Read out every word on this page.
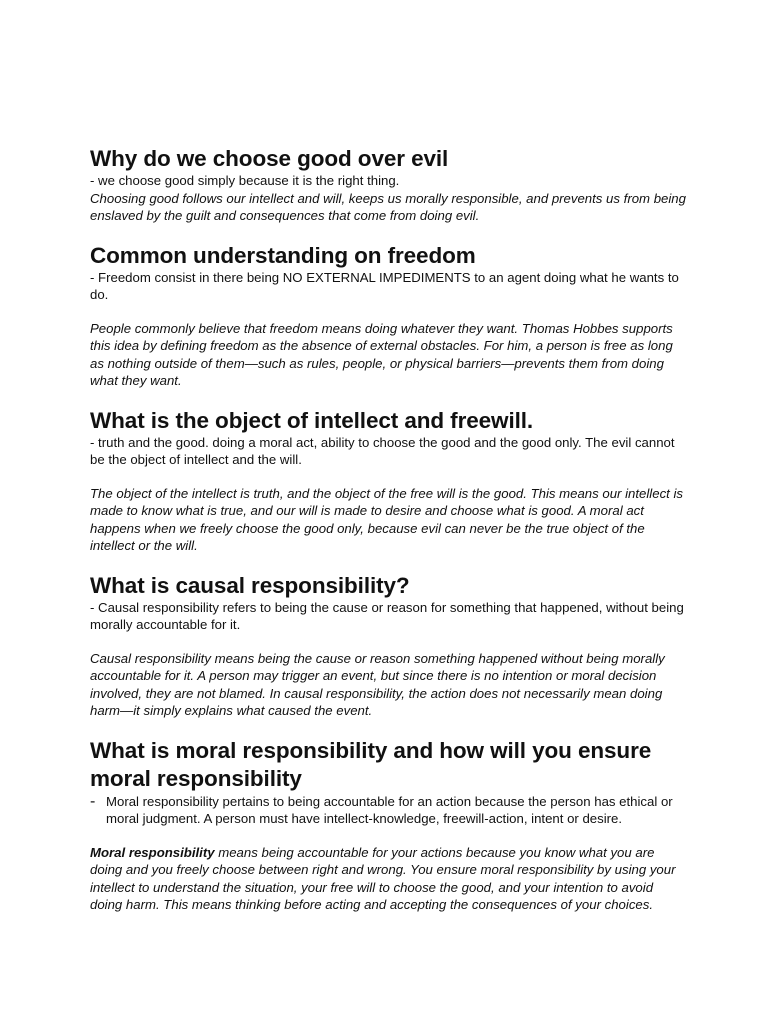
Why do we choose good over evil

- we choose good simply because it is the right thing.

Choosing good follows our intellect and will, keeps us morally responsible, and prevents us from being enslaved by the guilt and consequences that come from doing evil.

Common understanding on freedom

- Freedom consist in there being NO EXTERNAL IMPEDIMENTS to an agent doing what he wants to do.

People commonly believe that freedom means doing whatever they want. Thomas Hobbes supports this idea by defining freedom as the absence of external obstacles. For him, a person is free as long as nothing outside of them—such as rules, people, or physical barriers—prevents them from doing what they want.

What is the object of intellect and freewill.

- truth and the good. doing a moral act, ability to choose the good and the good only. The evil cannot be the object of intellect and the will.

The object of the intellect is truth, and the object of the free will is the good. This means our intellect is made to know what is true, and our will is made to desire and choose what is good. A moral act happens when we freely choose the good only, because evil can never be the true object of the intellect or the will.

What is causal responsibility?

- Causal responsibility refers to being the cause or reason for something that happened, without being morally accountable for it.

Causal responsibility means being the cause or reason something happened without being morally accountable for it. A person may trigger an event, but since there is no intention or moral decision involved, they are not blamed. In causal responsibility, the action does not necessarily mean doing harm—it simply explains what caused the event.

What is moral responsibility and how will you ensure moral responsibility
- Moral responsibility pertains to being accountable for an action because the person has ethical or moral judgment. A person must have intellect-knowledge, freewill-action, intent or desire.

Moral responsibility means being accountable for your actions because you know what you are doing and you freely choose between right and wrong. You ensure moral responsibility by using your intellect to understand the situation, your free will to choose the good, and your intention to avoid doing harm. This means thinking before acting and accepting the consequences of your choices.
